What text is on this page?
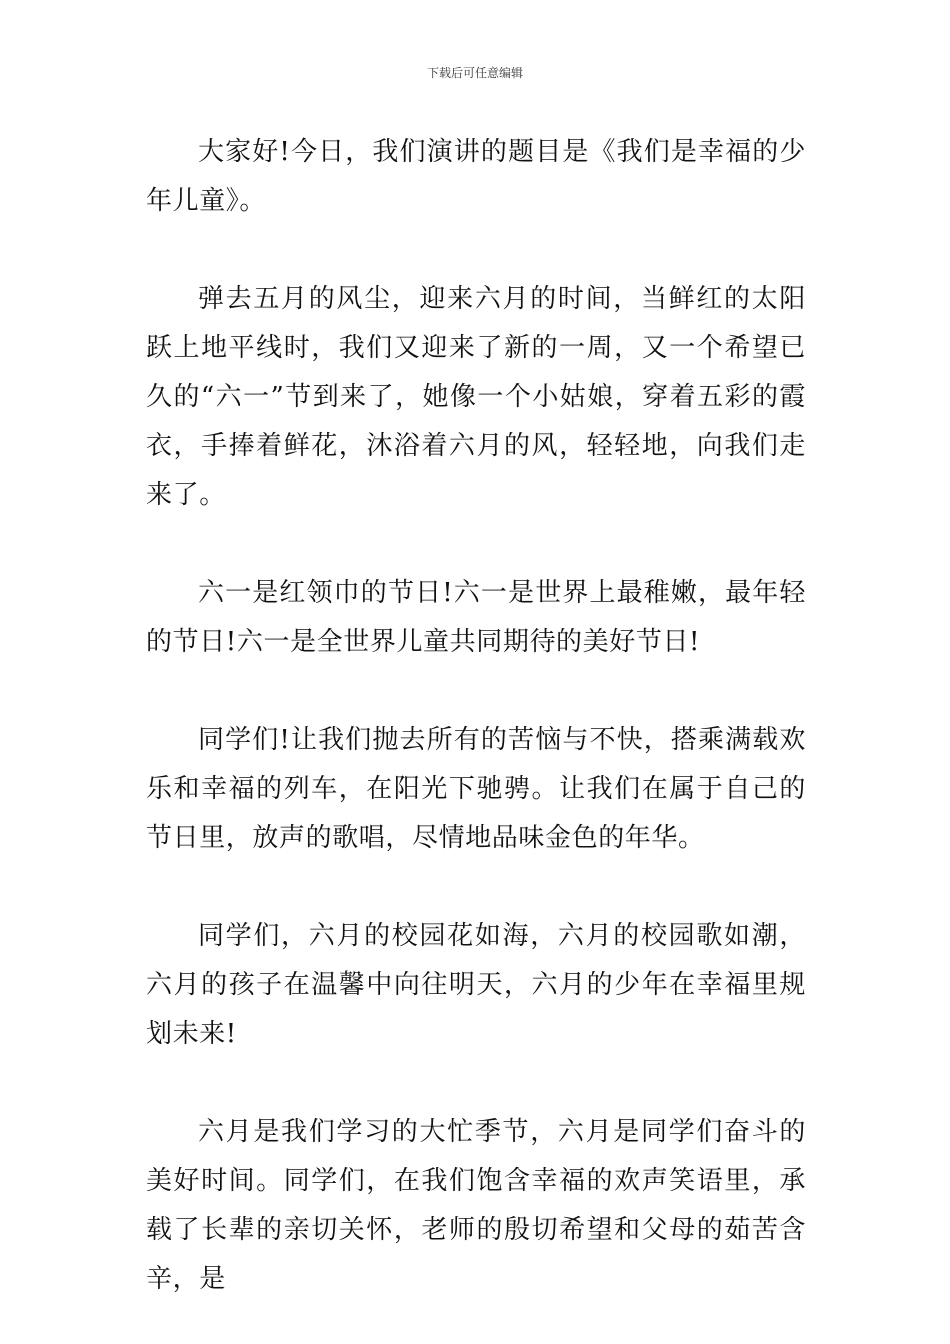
下载后可任意编辑

大家好!今日，我们演讲的题目是《我们是幸福的少年儿童》。

弹去五月的风尘，迎来六月的时间，当鲜红的太阳跃上地平线时，我们又迎来了新的一周，又一个希望已久的“六一”节到来了，她像一个小姑娘，穿着五彩的霞衣，手捧着鲜花，沐浴着六月的风，轻轻地，向我们走来了。

六一是红领巾的节日!六一是世界上最稚嫩，最年轻的节日!六一是全世界儿童共同期待的美好节日!

同学们!让我们抛去所有的苦恼与不快，搭乘满载欢乐和幸福的列车，在阳光下驰骋。让我们在属于自己的节日里，放声的歌唱，尽情地品味金色的年华。

同学们，六月的校园花如海，六月的校园歌如潮，六月的孩子在温馨中向往明天，六月的少年在幸福里规划未来!

六月是我们学习的大忙季节，六月是同学们奋斗的美好时间。同学们，在我们饱含幸福的欢声笑语里，承载了长辈的亲切关怀，老师的殷切希望和父母的茹苦含辛，是
